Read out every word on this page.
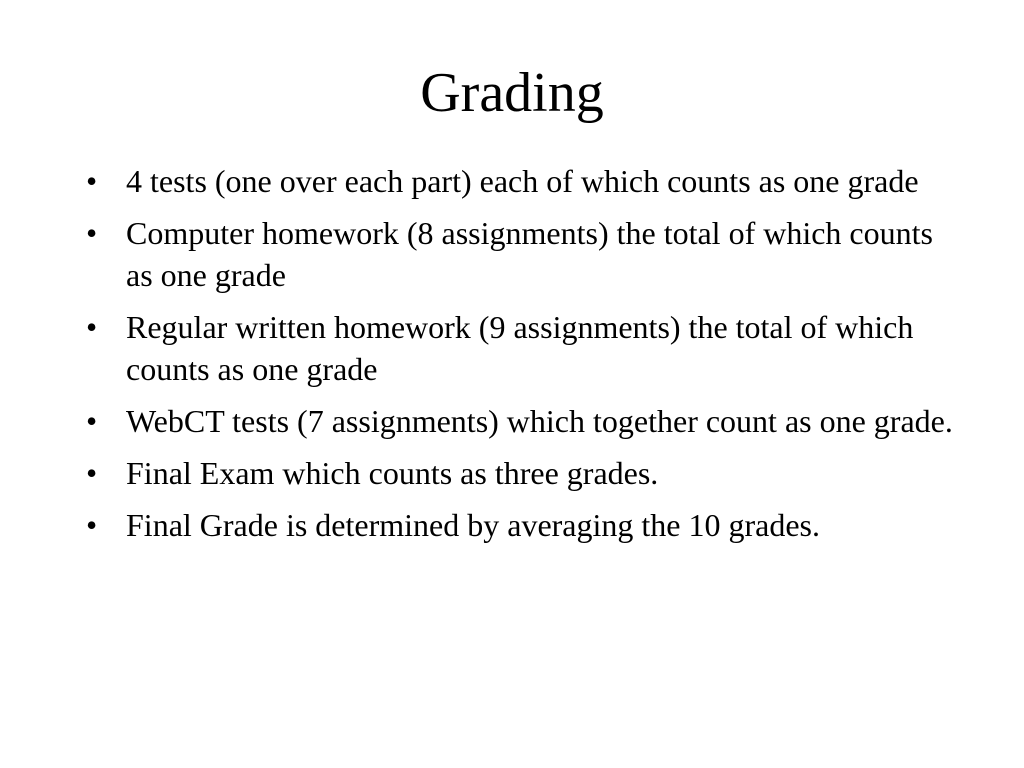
Grading
• 4 tests (one over each part) each of which counts as one grade
• Computer homework (8 assignments) the total of which counts as one grade
• Regular written homework (9 assignments) the total of which counts as one grade
• WebCT tests (7 assignments) which together count as one grade.
• Final Exam which counts as three grades.
• Final Grade is determined by averaging the 10 grades.
